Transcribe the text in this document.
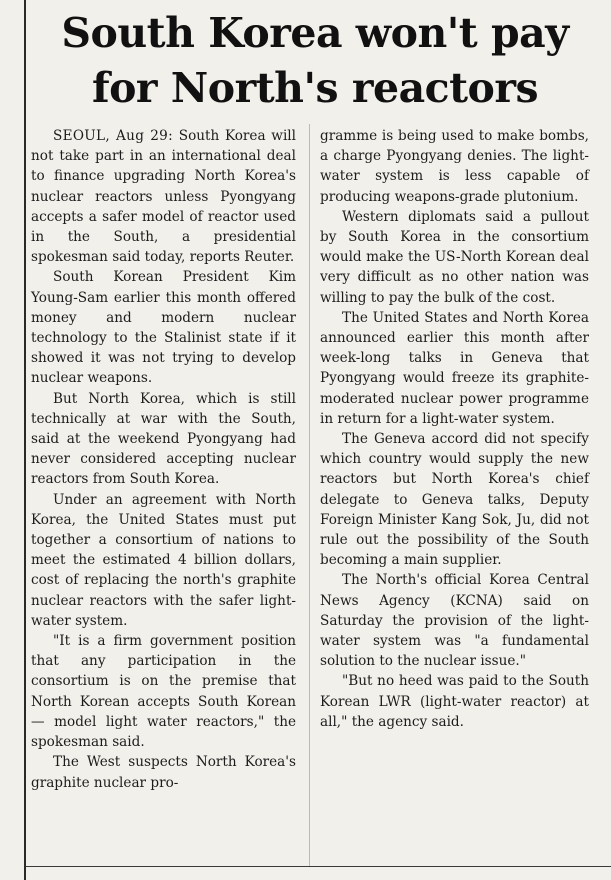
South Korea won't pay
for North's reactors

SEOUL, Aug 29: South Korea will not take part in an international deal to finance upgrading North Korea's nuclear reactors unless Pyongyang accepts a safer model of reactor used in the South, a presidential spokesman said today, reports Reuter.

South Korean President Kim Young-Sam earlier this month offered money and modern nuclear technology to the Stalinist state if it showed it was not trying to develop nuclear weapons.

But North Korea, which is still technically at war with the South, said at the weekend Pyongyang had never considered accepting nuclear reactors from South Korea.

Under an agreement with North Korea, the United States must put together a consortium of nations to meet the estimated 4 billion dollars, cost of replacing the north's graphite nuclear reactors with the safer light-water system.

"It is a firm government position that any participation in the consortium is on the premise that North Korean accepts South Korean — model light water reactors," the spokesman said.

The West suspects North Korea's graphite nuclear pro-

gramme is being used to make bombs, a charge Pyongyang denies. The light-water system is less capable of producing weapons-grade plutonium.

Western diplomats said a pullout by South Korea in the consortium would make the US-North Korean deal very difficult as no other nation was willing to pay the bulk of the cost.

The United States and North Korea announced earlier this month after week-long talks in Geneva that Pyongyang would freeze its graphite-moderated nuclear power programme in return for a light-water system.

The Geneva accord did not specify which country would supply the new reactors but North Korea's chief delegate to Geneva talks, Deputy Foreign Minister Kang Sok, Ju, did not rule out the possibility of the South becoming a main supplier.

The North's official Korea Central News Agency (KCNA) said on Saturday the provision of the light-water system was "a fundamental solution to the nuclear issue."

"But no heed was paid to the South Korean LWR (light-water reactor) at all," the agency said.
